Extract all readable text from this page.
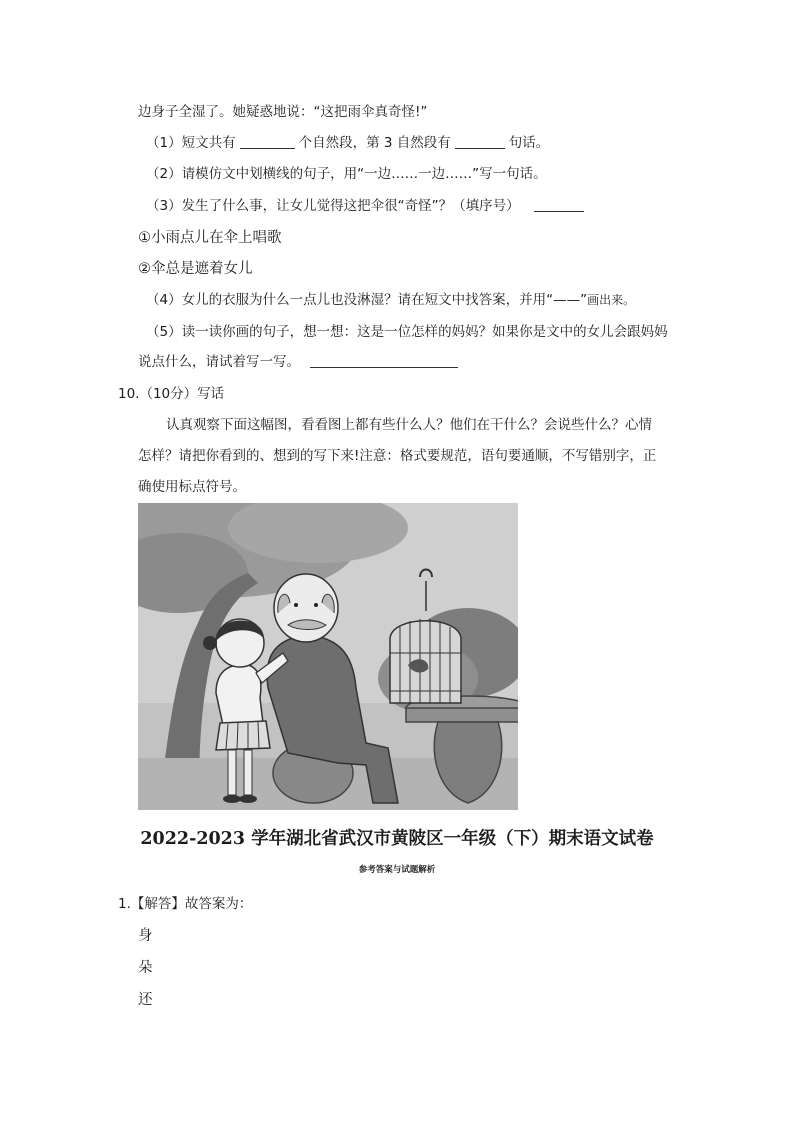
边身子全湿了。她疑惑地说：“这把雨伞真奇怪!”
（1）短文共有	个自然段，第 3 自然段有	句话。
（2）请模仿文中划横线的句子，用“一边……一边……”写一句话。
（3）发生了什么事，让女儿觉得这把伞很“奇怪”？（填序号）
①小雨点儿在伞上唱歌
②伞总是遮着女儿
（4）女儿的衣服为什么一点儿也没淋湿？请在短文中找答案，并用“——”画出来。
（5）读一读你画的句子，想一想：这是一位怎样的妈妈？如果你是文中的女儿会跟妈妈
说点什么，请试着写一写。
10.（10分）写话
认真观察下面这幅图，看看图上都有些什么人？他们在干什么？会说些什么？心情
怎样？请把你看到的、想到的写下来!注意：格式要规范，语句要通顺，不写错别字，正
确使用标点符号。
2022-2023 学年湖北省武汉市黄陂区一年级（下）期末语文试卷
参考答案与试题解析
1.【解答】故答案为：
身
朵
还
